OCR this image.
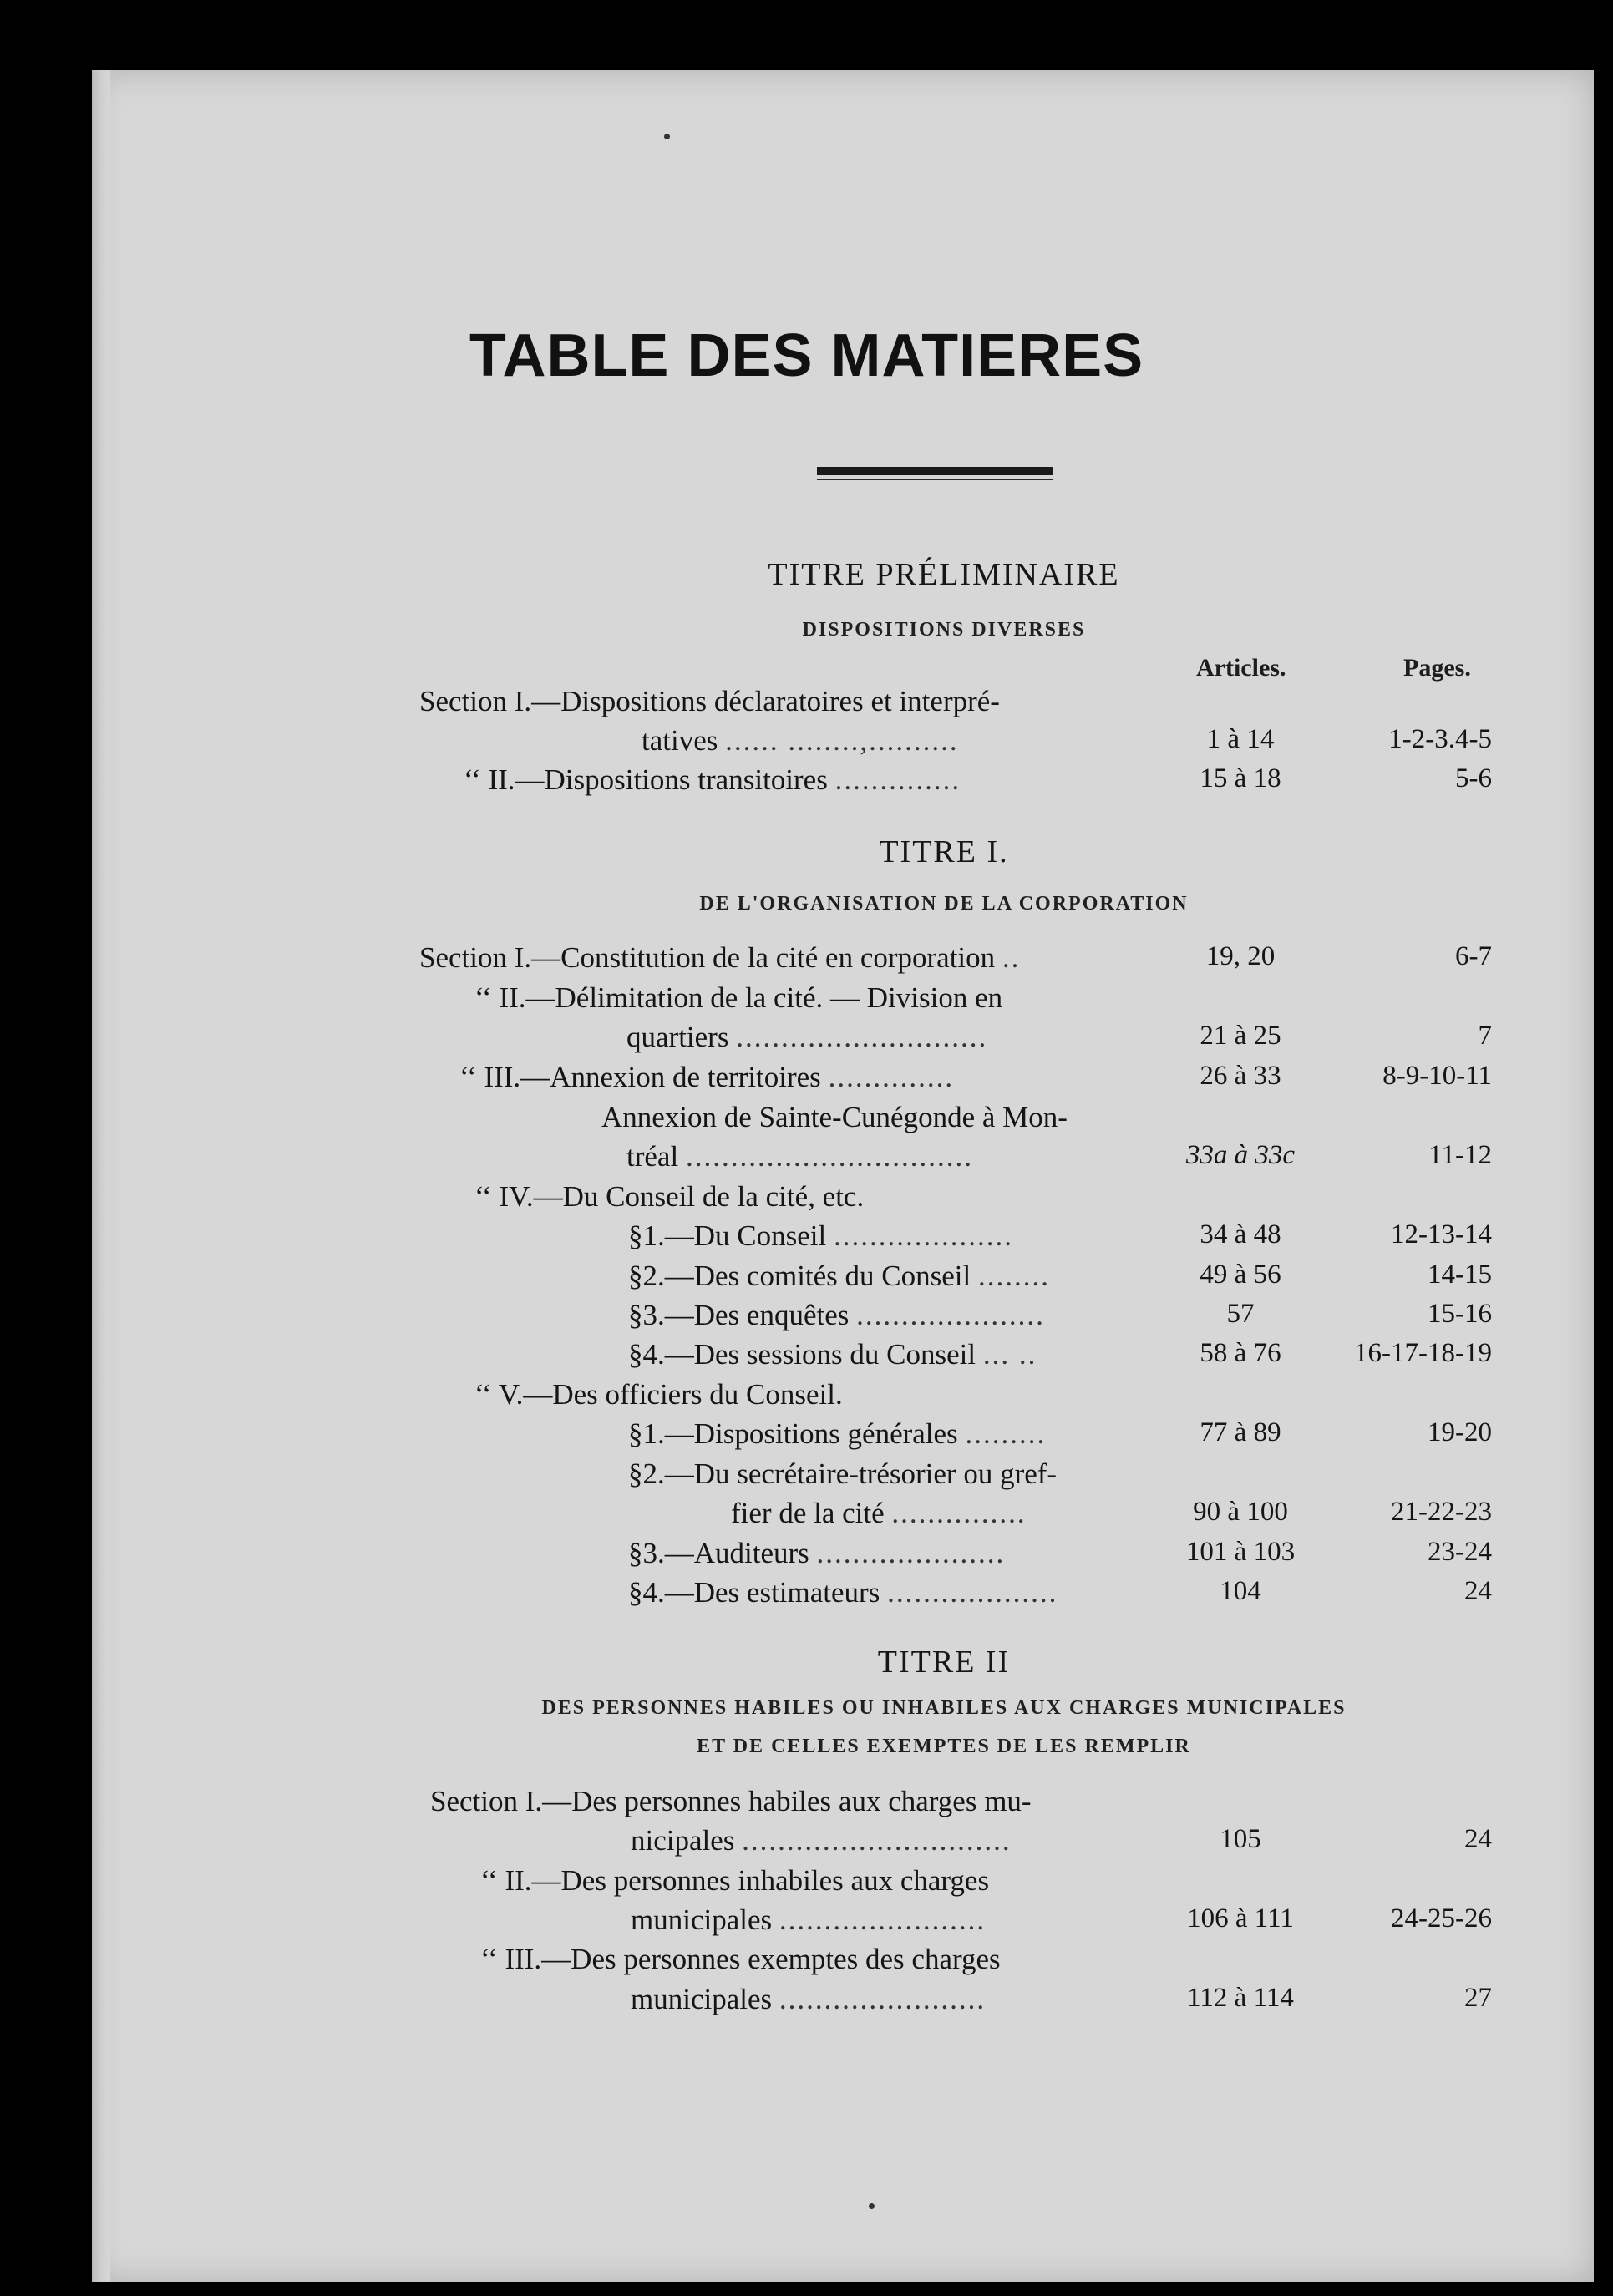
TABLE DES MATIERES
TITRE PRÉLIMINAIRE
DISPOSITIONS DIVERSES
Articles.	Pages.
Section I.—Dispositions déclaratoires et interpré-
tatives ...... ........,..........	1 à 14	1-2-3.4-5
‘‘ II.—Dispositions transitoires ..............	15 à 18	5-6
TITRE I.
DE L'ORGANISATION DE LA CORPORATION
Section I.—Constitution de la cité en corporation ..	19, 20	6-7
‘‘ II.—Délimitation de la cité. — Division en
quartiers ............................	21 à 25	7
‘‘ III.—Annexion de territoires ..............	26 à 33	8-9-10-11
Annexion de Sainte-Cunégonde à Mon-
tréal ................................	33a à 33c	11-12
‘‘ IV.—Du Conseil de la cité, etc.
§1.—Du Conseil ....................	34 à 48	12-13-14
§2.—Des comités du Conseil ........	49 à 56	14-15
§3.—Des enquêtes .....................	57	15-16
§4.—Des sessions du Conseil ... ..	58 à 76	16-17-18-19
‘‘ V.—Des officiers du Conseil.
§1.—Dispositions générales .........	77 à 89	19-20
§2.—Du secrétaire-trésorier ou gref-
fier de la cité ...............	90 à 100	21-22-23
§3.—Auditeurs .....................	101 à 103	23-24
§4.—Des estimateurs ...................	104	24
TITRE II
DES PERSONNES HABILES OU INHABILES AUX CHARGES MUNICIPALES
ET DE CELLES EXEMPTES DE LES REMPLIR
Section I.—Des personnes habiles aux charges mu-
nicipales ..............................	105	24
‘‘ II.—Des personnes inhabiles aux charges
municipales .......................	106 à 111	24-25-26
‘‘ III.—Des personnes exemptes des charges
municipales .......................	112 à 114	27
